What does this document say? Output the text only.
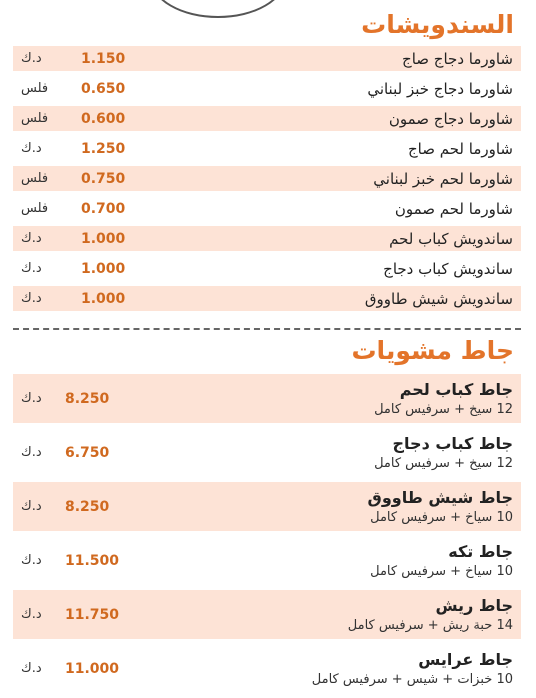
السندويشات
شاورما دجاج صاج
د.ك	1.150
شاورما دجاج خبز لبناني
فلس 0.650
شاورما دجاج صمون
فلس 0.600
شاورما لحم صاج
د.ك	1.250
شاورما لحم خبز لبناني
فلس 0.750
شاورما لحم صمون
فلس 0.700
ساندويش كباب لحم
د.ك	1.000
ساندويش كباب دجاج
د.ك	1.000
ساندويش شيش طاووق
د.ك	1.000
جاط مشويات
جاط كباب لحم
12 سيخ + سرفيس كامل
د.ك 8.250
جاط كباب دجاج
12 سيخ + سرفيس كامل
د.ك 6.750
جاط شيش طاووق
10 سياخ + سرفيس كامل
د.ك 8.250
جاط تكه
10 سياخ + سرفيس كامل
د.ك 11.500
جاط ريش
14 حبة ريش + سرفيس كامل
د.ك 11.750
جاط عرايس
10 خبزات + شيس + سرفيس كامل
د.ك 11.000
